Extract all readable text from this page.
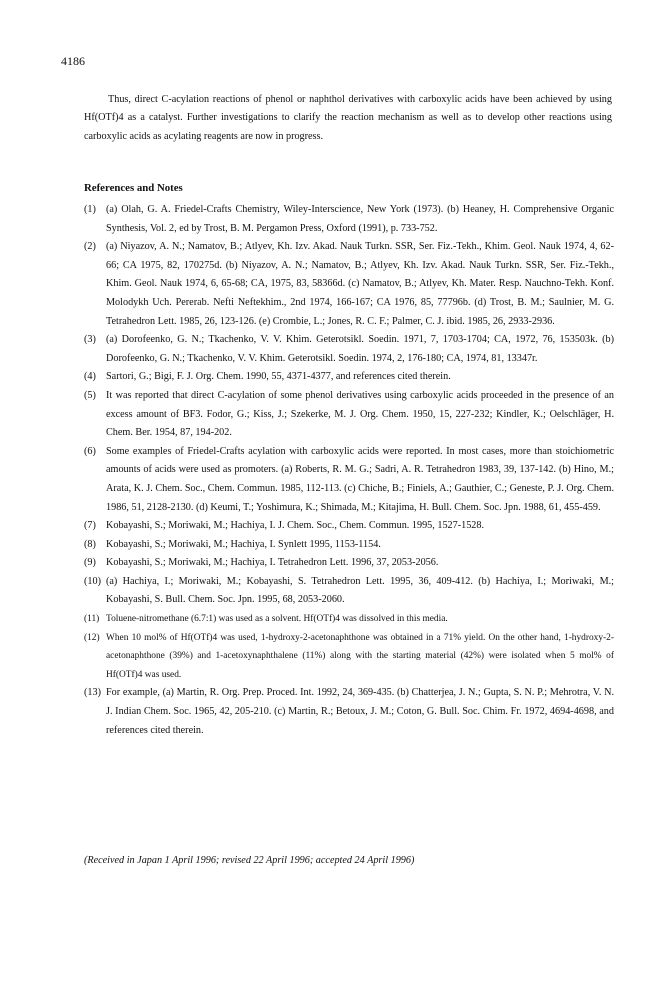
4186

Thus, direct C-acylation reactions of phenol or naphthol derivatives with carboxylic acids have been achieved by using Hf(OTf)4 as a catalyst. Further investigations to clarify the reaction mechanism as well as to develop other reactions using carboxylic acids as acylating reagents are now in progress.

References and Notes
(1) (a) Olah, G. A. Friedel-Crafts Chemistry, Wiley-Interscience, New York (1973). (b) Heaney, H. Comprehensive Organic Synthesis, Vol. 2, ed by Trost, B. M. Pergamon Press, Oxford (1991), p. 733-752.
(2) (a) Niyazov, A. N.; Namatov, B.; Atlyev, Kh. Izv. Akad. Nauk Turkn. SSR, Ser. Fiz.-Tekh., Khim. Geol. Nauk 1974, 4, 62-66; CA 1975, 82, 170275d. (b) Niyazov, A. N.; Namatov, B.; Atlyev, Kh. Izv. Akad. Nauk Turkn. SSR, Ser. Fiz.-Tekh., Khim. Geol. Nauk 1974, 6, 65-68; CA, 1975, 83, 58366d. (c) Namatov, B.; Atlyev, Kh. Mater. Resp. Nauchno-Tekh. Konf. Molodykh Uch. Pererab. Nefti Neftekhim., 2nd 1974, 166-167; CA 1976, 85, 77796b. (d) Trost, B. M.; Saulnier, M. G. Tetrahedron Lett. 1985, 26, 123-126. (e) Crombie, L.; Jones, R. C. F.; Palmer, C. J. ibid. 1985, 26, 2933-2936.
(3) (a) Dorofeenko, G. N.; Tkachenko, V. V. Khim. Geterotsikl. Soedin. 1971, 7, 1703-1704; CA, 1972, 76, 153503k. (b) Dorofeenko, G. N.; Tkachenko, V. V. Khim. Geterotsikl. Soedin. 1974, 2, 176-180; CA, 1974, 81, 13347r.
(4) Sartori, G.; Bigi, F. J. Org. Chem. 1990, 55, 4371-4377, and references cited therein.
(5) It was reported that direct C-acylation of some phenol derivatives using carboxylic acids proceeded in the presence of an excess amount of BF3. Fodor, G.; Kiss, J.; Szekerke, M. J. Org. Chem. 1950, 15, 227-232; Kindler, K.; Oelschläger, H. Chem. Ber. 1954, 87, 194-202.
(6) Some examples of Friedel-Crafts acylation with carboxylic acids were reported. In most cases, more than stoichiometric amounts of acids were used as promoters. (a) Roberts, R. M. G.; Sadri, A. R. Tetrahedron 1983, 39, 137-142. (b) Hino, M.; Arata, K. J. Chem. Soc., Chem. Commun. 1985, 112-113. (c) Chiche, B.; Finiels, A.; Gauthier, C.; Geneste, P. J. Org. Chem. 1986, 51, 2128-2130. (d) Keumi, T.; Yoshimura, K.; Shimada, M.; Kitajima, H. Bull. Chem. Soc. Jpn. 1988, 61, 455-459.
(7) Kobayashi, S.; Moriwaki, M.; Hachiya, I. J. Chem. Soc., Chem. Commun. 1995, 1527-1528.
(8) Kobayashi, S.; Moriwaki, M.; Hachiya, I. Synlett 1995, 1153-1154.
(9) Kobayashi, S.; Moriwaki, M.; Hachiya, I. Tetrahedron Lett. 1996, 37, 2053-2056.
(10) (a) Hachiya, I.; Moriwaki, M.; Kobayashi, S. Tetrahedron Lett. 1995, 36, 409-412. (b) Hachiya, I.; Moriwaki, M.; Kobayashi, S. Bull. Chem. Soc. Jpn. 1995, 68, 2053-2060.
(11) Toluene-nitromethane (6.7:1) was used as a solvent. Hf(OTf)4 was dissolved in this media.
(12) When 10 mol% of Hf(OTf)4 was used, 1-hydroxy-2-acetonaphthone was obtained in a 71% yield. On the other hand, 1-hydroxy-2-acetonaphthone (39%) and 1-acetoxynaphthalene (11%) along with the starting material (42%) were isolated when 5 mol% of Hf(OTf)4 was used.
(13) For example, (a) Martin, R. Org. Prep. Proced. Int. 1992, 24, 369-435. (b) Chatterjea, J. N.; Gupta, S. N. P.; Mehrotra, V. N. J. Indian Chem. Soc. 1965, 42, 205-210. (c) Martin, R.; Betoux, J. M.; Coton, G. Bull. Soc. Chim. Fr. 1972, 4694-4698, and references cited therein.
(Received in Japan 1 April 1996; revised 22 April 1996; accepted 24 April 1996)
